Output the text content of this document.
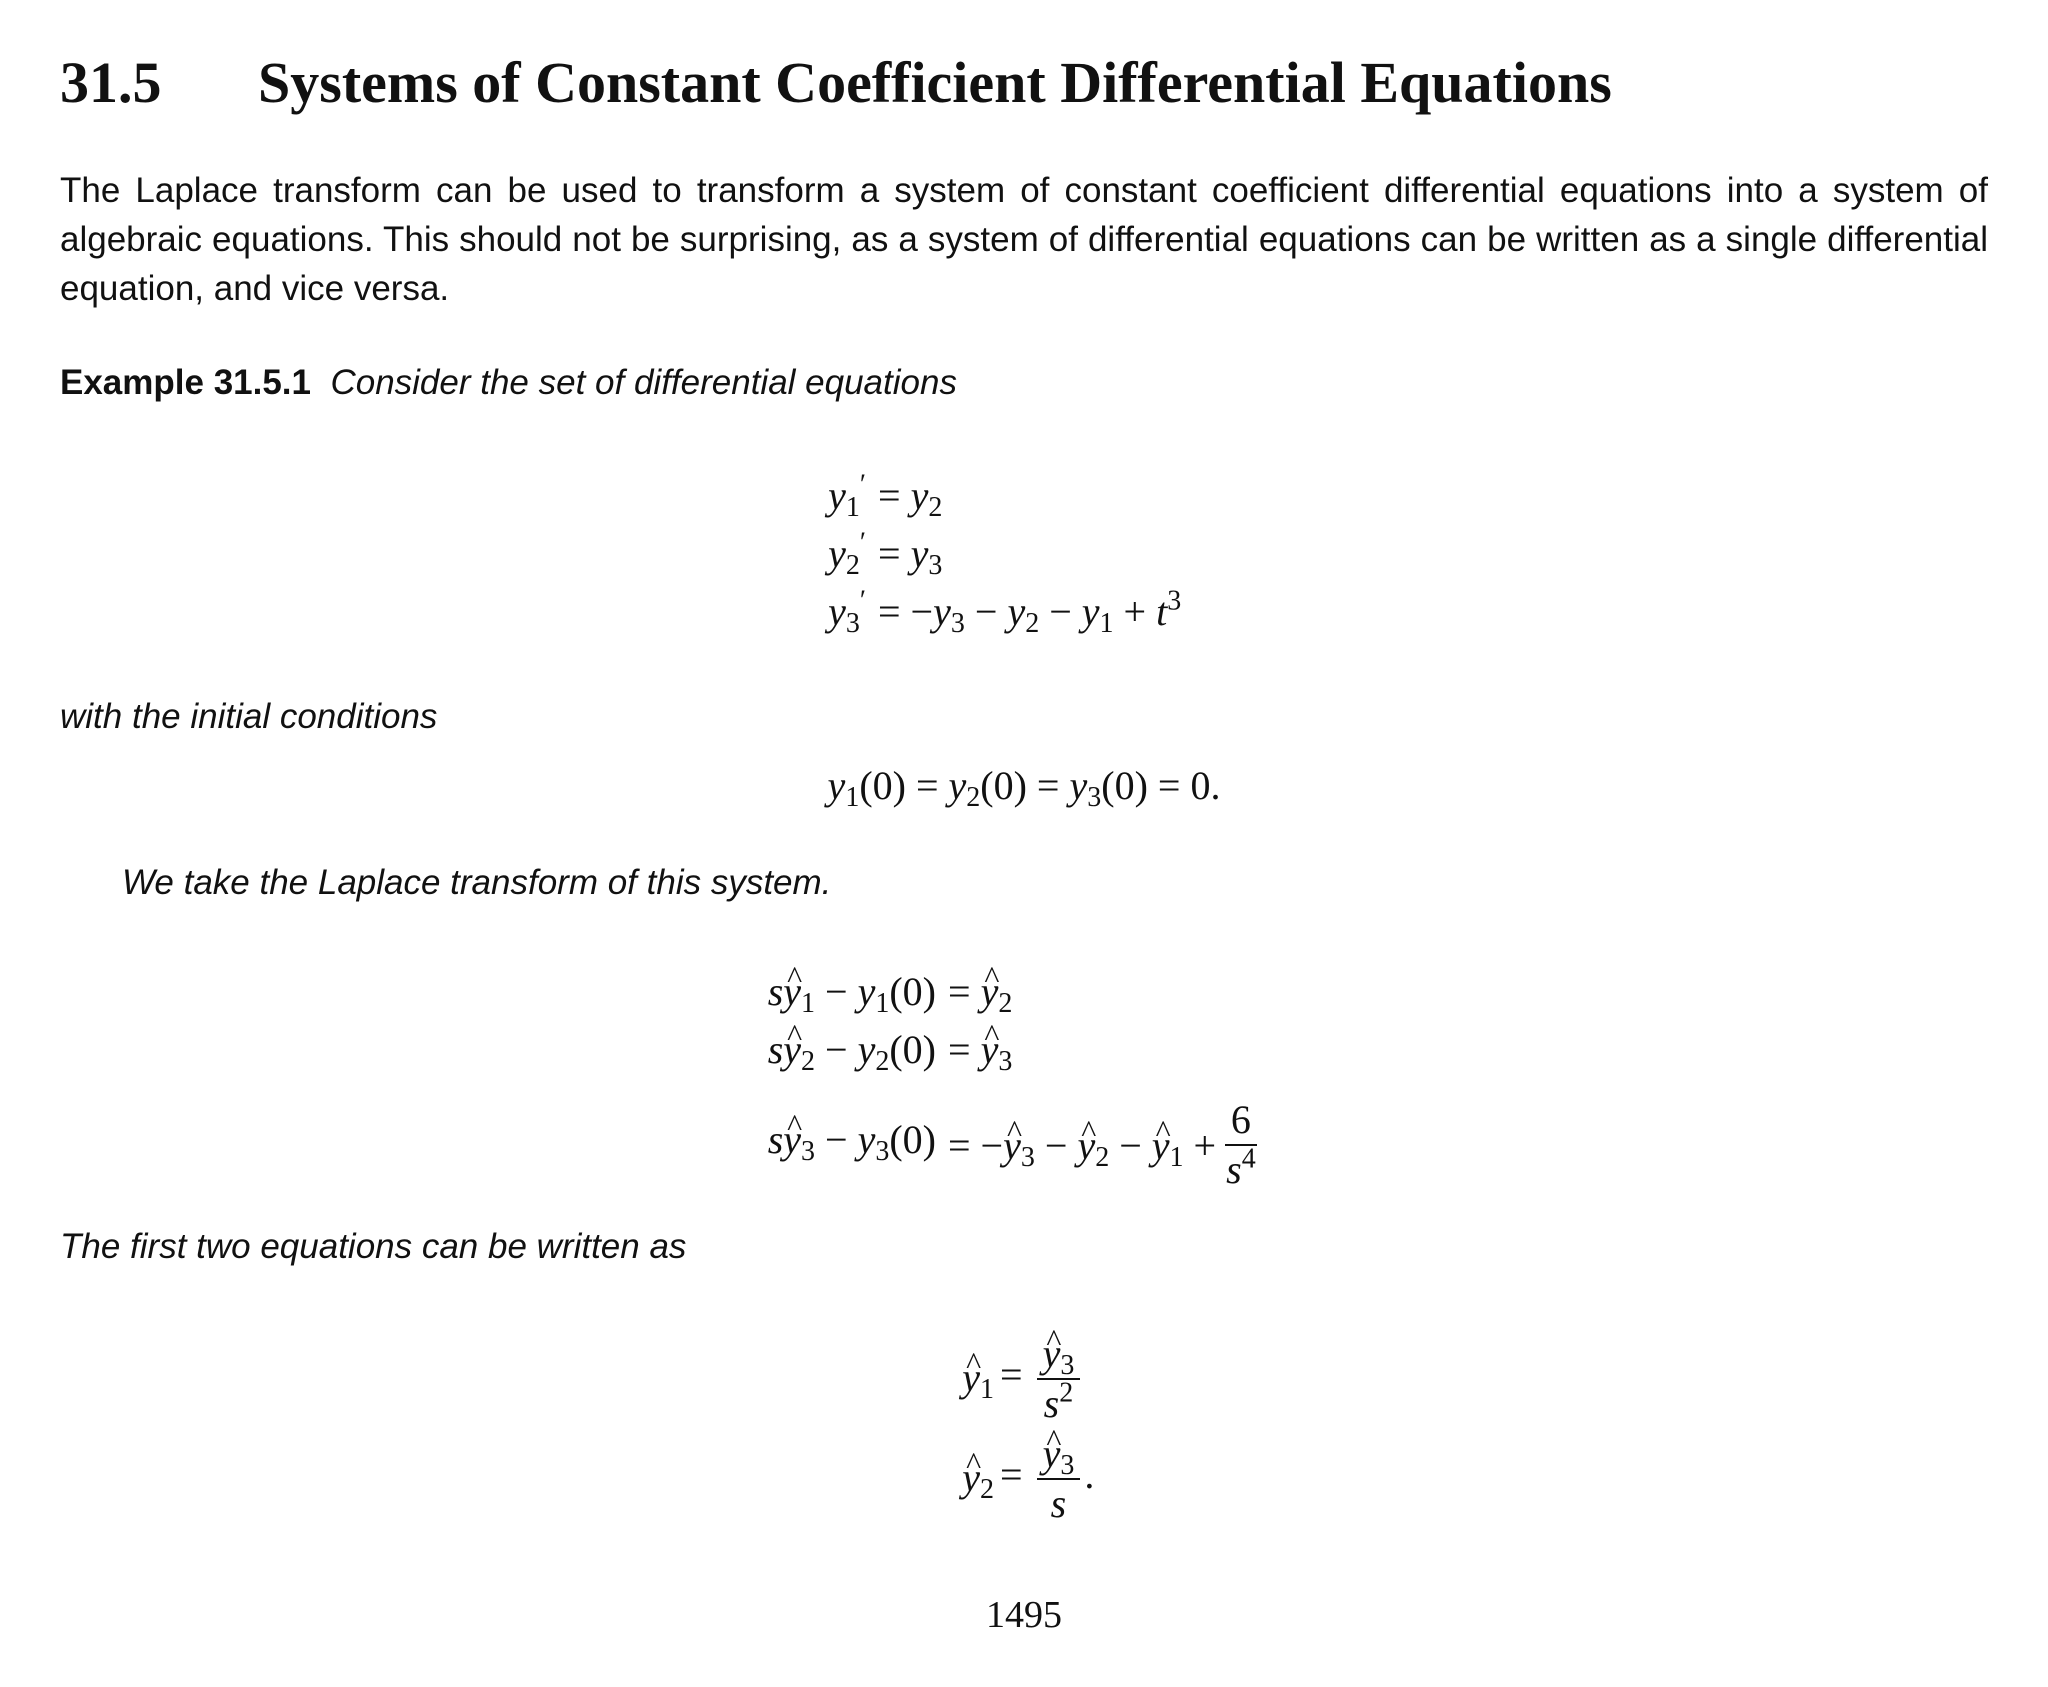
31.5 Systems of Constant Coefficient Differential Equations

The Laplace transform can be used to transform a system of constant coefficient differential equations into a system of algebraic equations. This should not be surprising, as a system of differential equations can be written as a single differential equation, and vice versa.

Example 31.5.1 Consider the set of differential equations

$y_1' = y_2$
$y_2' = y_3$
$y_3' = -y_3 - y_2 - y_1 + t^3$

with the initial conditions

$y_1(0) = y_2(0) = y_3(0) = 0$.

We take the Laplace transform of this system.

s^ $y_1 - y_1(0)$ = ^ $y_2$
s^ $y_2 - y_2(0)$ = ^ $y_3$
s^ $y_3 - y_3(0)$ = −^ $y_3$ − ^ $y_2$ − ^ $y_1 + \frac{6}{s^4}$

The first two equations can be written as

^ $y_1$ = ^ $\frac{y_3}{s^2}$
^ $y_2$ = ^ $\frac{y_3}{s}$ .
1495
